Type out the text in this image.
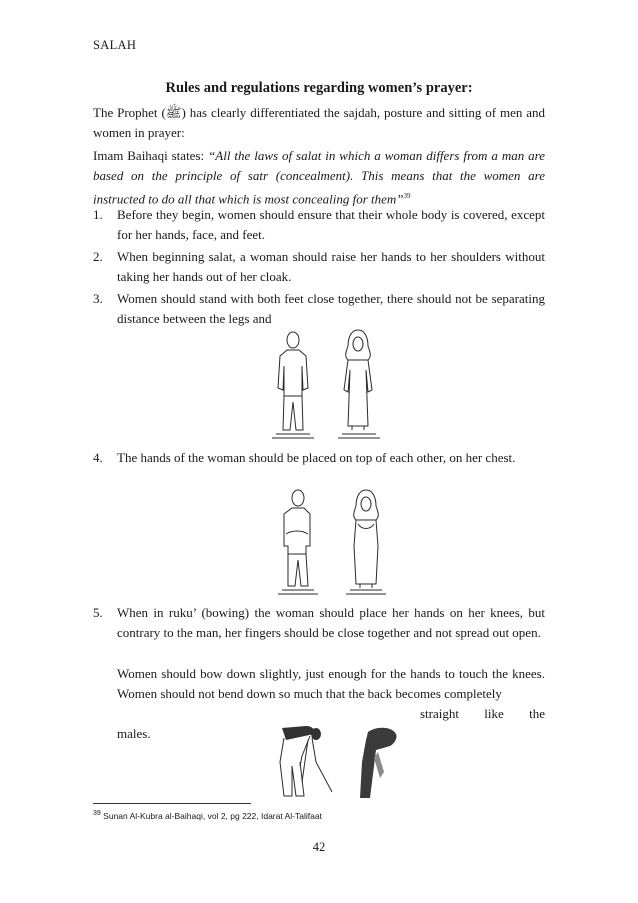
SALAH
Rules and regulations regarding women’s prayer:
The Prophet (ﷺ) has clearly differentiated the sajdah, posture and sitting of men and women in prayer:
Imam Baihaqi states: “All the laws of salat in which a woman differs from a man are based on the principle of satr (concealment). This means that the women are instructed to do all that which is most concealing for them”$^{39}$
1.	Before they begin, women should ensure that their whole body is covered, except for her hands, face, and feet.
2.	When beginning salat, a woman should raise her hands to her shoulders without taking her hands out of her cloak.
3.	Women should stand with both feet close together, there should not be separating distance between the legs and
4.	The hands of the woman should be placed on top of each other, on her chest.
5.	When in ruku’ (bowing) the woman should place her hands on her knees, but contrary to the man, her fingers should be close together and not spread out open.
Women should bow down slightly, just enough for the hands to touch the knees. Women should not bend down so much that the back becomes completely
straight like the
males.
$^{39}$ Sunan Al-Kubra al-Baihaqi, vol 2, pg 222, Idarat Al-Talifaat
42
